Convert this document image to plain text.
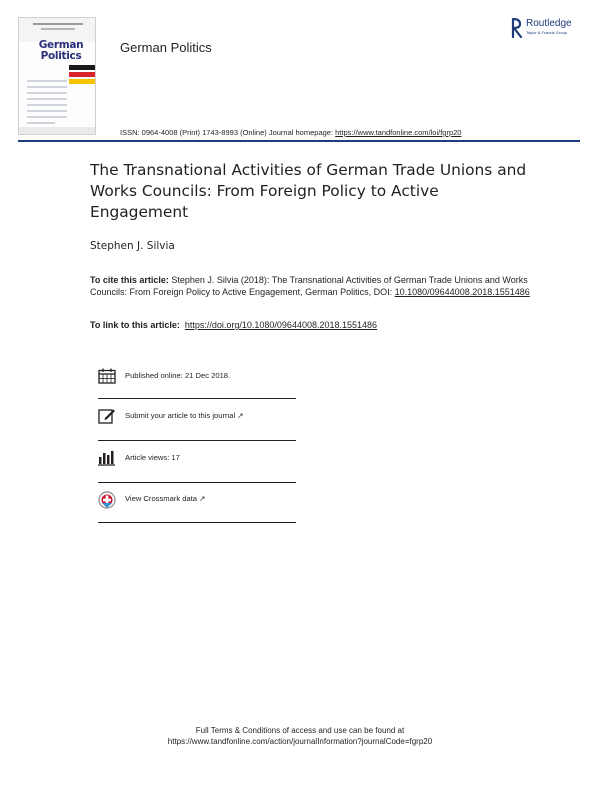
German
Politics
German Politics
Routledge
Taylor & Francis Group
ISSN: 0964-4008 (Print) 1743-8993 (Online) Journal homepage: https://www.tandfonline.com/loi/fgrp20
The Transnational Activities of German Trade Unions and Works Councils: From Foreign Policy to Active Engagement
Stephen J. Silvia
To cite this article: Stephen J. Silvia (2018): The Transnational Activities of German Trade Unions and Works Councils: From Foreign Policy to Active Engagement, German Politics, DOI: 10.1080/09644008.2018.1551486
To link to this article: https://doi.org/10.1080/09644008.2018.1551486
Published online: 21 Dec 2018.
Submit your article to this journal ↗
Article views: 17
View Crossmark data ↗
Full Terms & Conditions of access and use can be found at
https://www.tandfonline.com/action/journalInformation?journalCode=fgrp20
